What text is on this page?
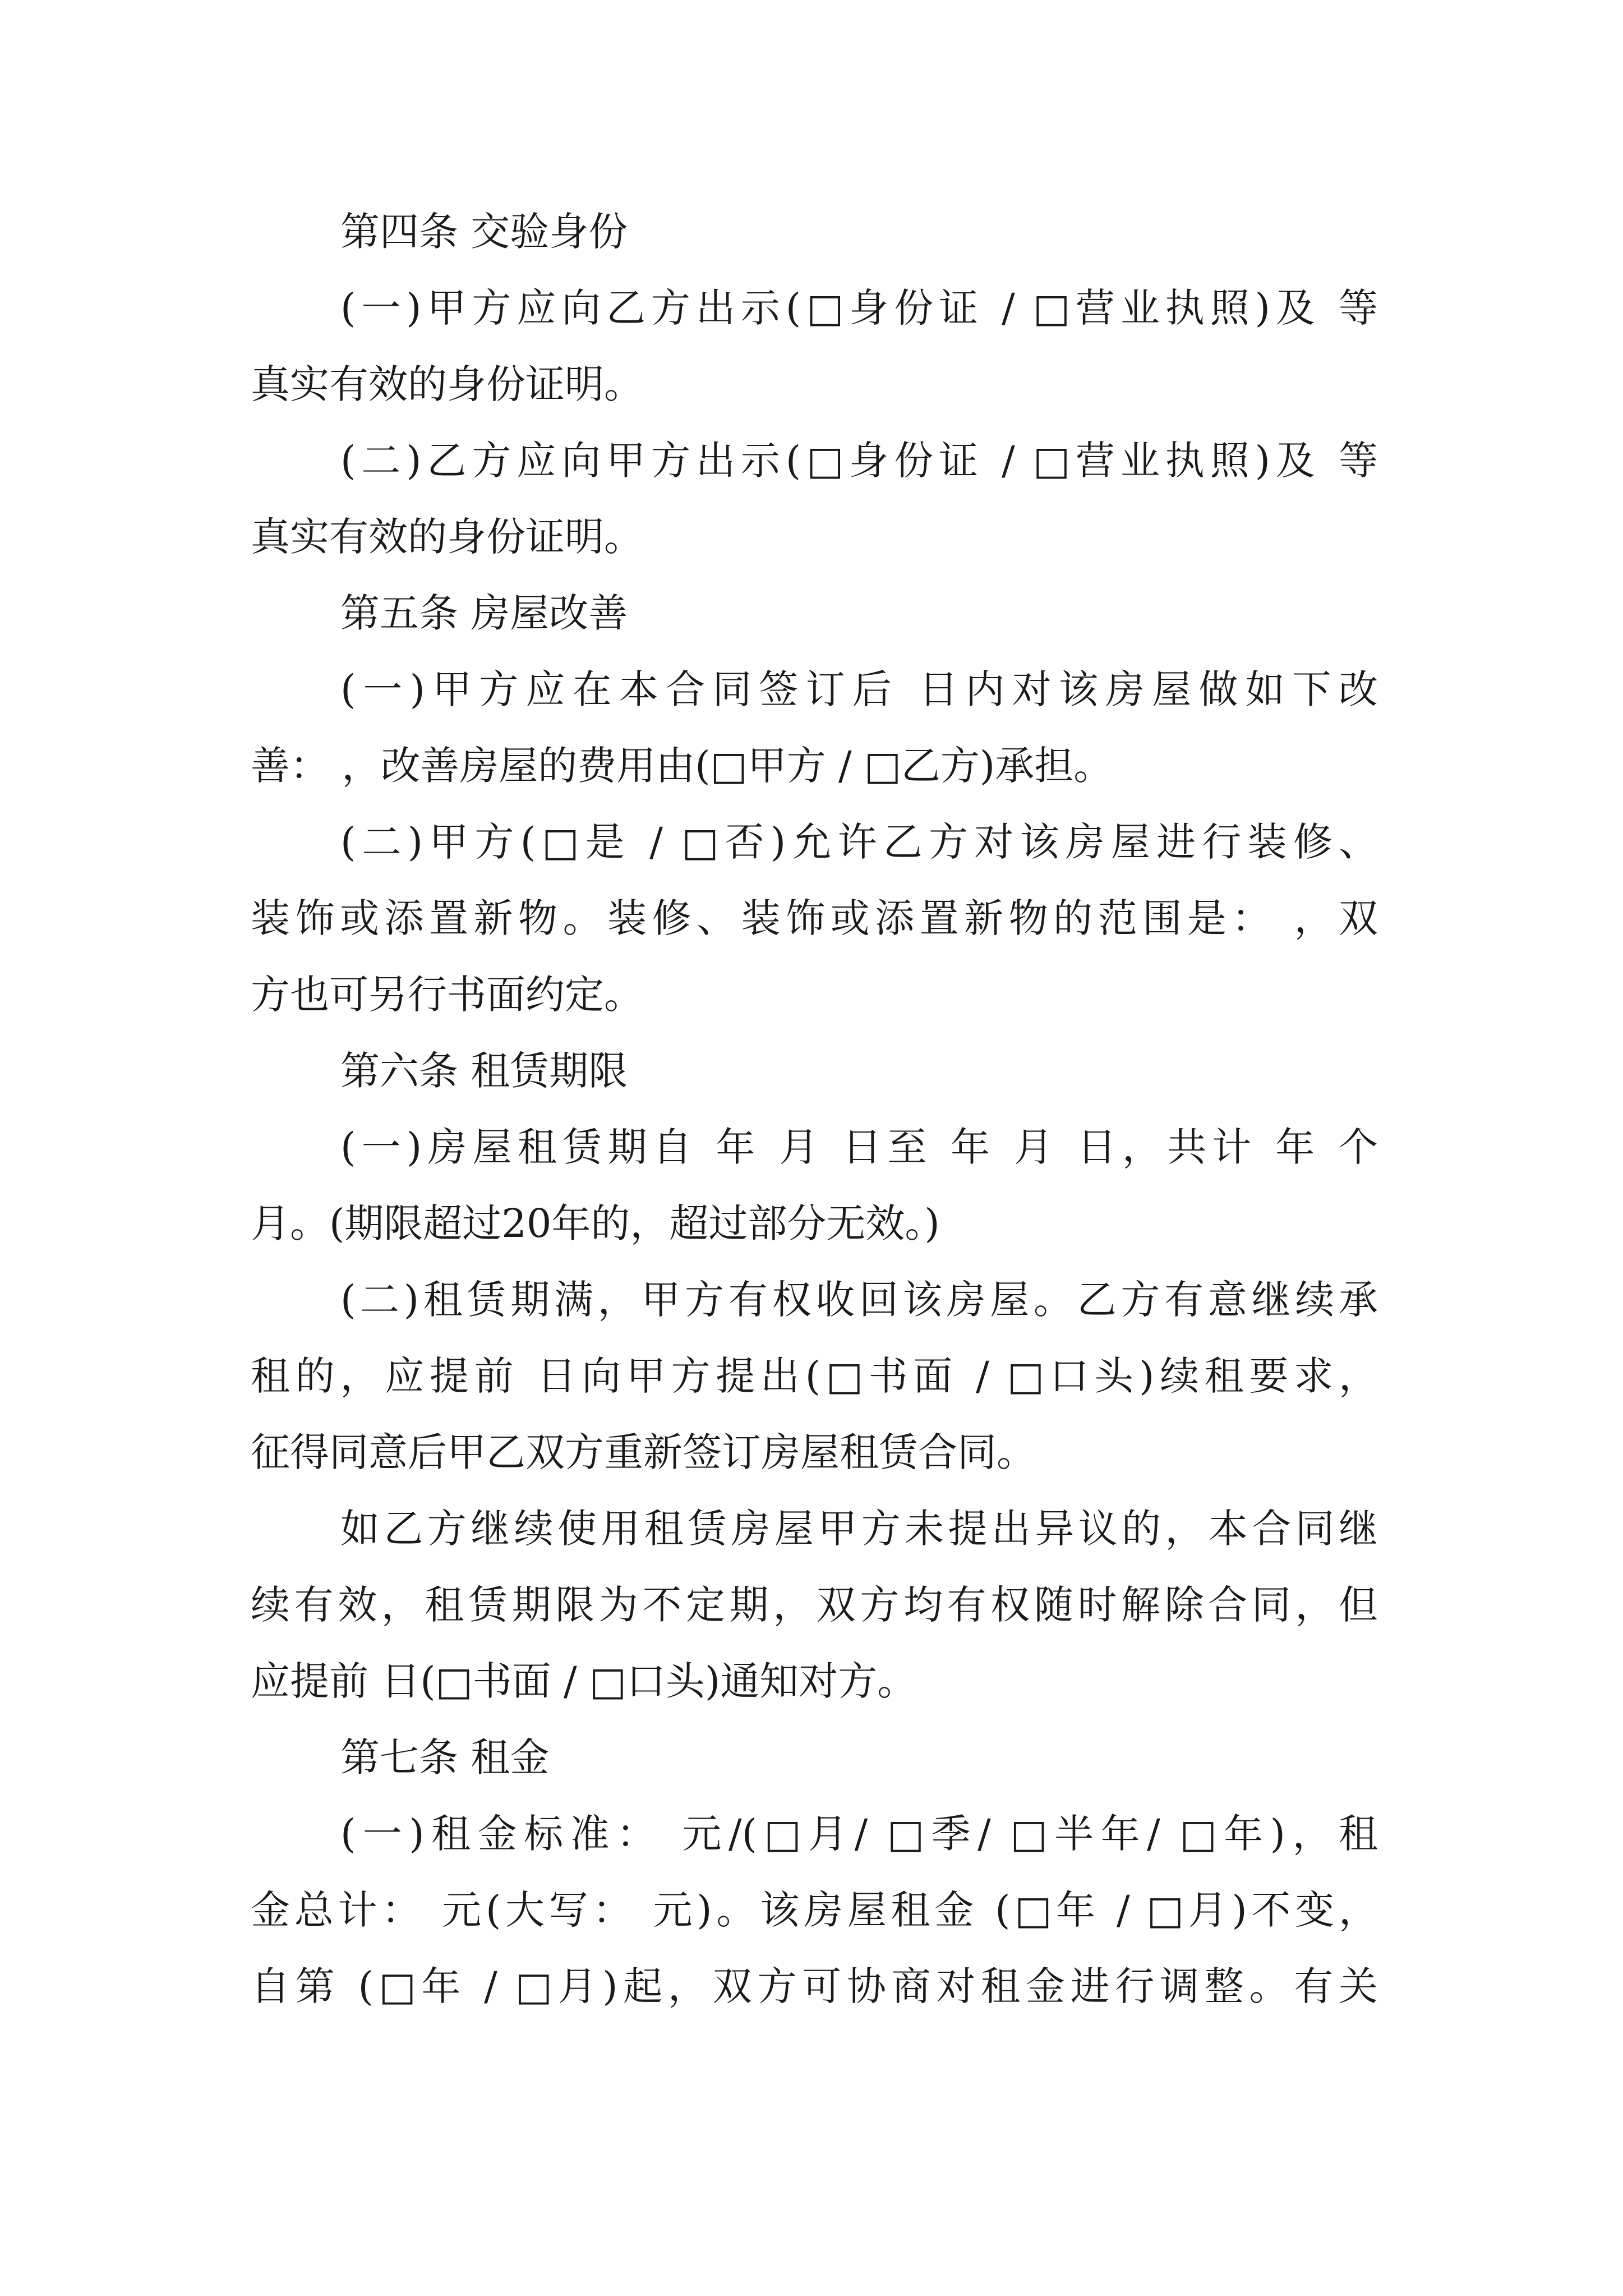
第四条 交验身份
(一)甲方应向乙方出示(□身份证 / □营业执照)及 等
真实有效的身份证明。
(二)乙方应向甲方出示(□身份证 / □营业执照)及 等
真实有效的身份证明。
第五条 房屋改善
(一)甲方应在本合同签订后 日内对该房屋做如下改
善： ，改善房屋的费用由(□甲方 / □乙方)承担。
(二)甲方(□是 / □否)允许乙方对该房屋进行装修、
装饰或添置新物。装修、装饰或添置新物的范围是： ，双
方也可另行书面约定。
第六条 租赁期限
(一)房屋租赁期自 年 月 日至 年 月 日，共计 年 个
月。(期限超过20年的，超过部分无效。)
(二)租赁期满，甲方有权收回该房屋。乙方有意继续承
租的，应提前 日向甲方提出(□书面 / □口头)续租要求，
征得同意后甲乙双方重新签订房屋租赁合同。
如乙方继续使用租赁房屋甲方未提出异议的，本合同继
续有效，租赁期限为不定期，双方均有权随时解除合同，但
应提前 日(□书面 / □口头)通知对方。
第七条 租金
(一)租金标准： 元/(□月/ □季/ □半年/ □年)，租
金总计： 元(大写： 元)。该房屋租金 (□年 / □月)不变，
自第 (□年 / □月)起，双方可协商对租金进行调整。有关
